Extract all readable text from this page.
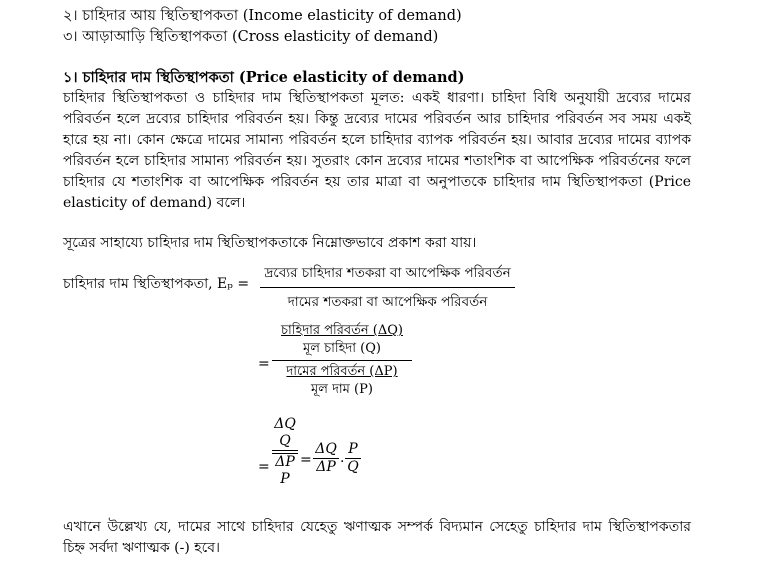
২। চাহিদার আয় স্থিতিস্থাপকতা (Income elasticity of demand)
৩। আড়াআড়ি স্থিতিস্থাপকতা (Cross elasticity of demand)
১। চাহিদার দাম স্থিতিস্থাপকতা (Price elasticity of demand)
চাহিদার স্থিতিস্থাপকতা ও চাহিদার দাম স্থিতিস্থাপকতা মূলত: একই ধারণা। চাহিদা বিধি অনুযায়ী দ্রব্যের দামের পরিবর্তন হলে দ্রব্যের চাহিদার পরিবর্তন হয়। কিন্তু দ্রব্যের দামের পরিবর্তন আর চাহিদার পরিবর্তন সব সময় একই হারে হয় না। কোন ক্ষেত্রে দামের সামান্য পরিবর্তন হলে চাহিদার ব্যাপক পরিবর্তন হয়। আবার দ্রব্যের দামের ব্যাপক পরিবর্তন হলে চাহিদার সামান্য পরিবর্তন হয়। সুতরাং কোন দ্রব্যের দামের শতাংশিক বা আপেক্ষিক পরিবর্তনের ফলে চাহিদার যে শতাংশিক বা আপেক্ষিক পরিবর্তন হয় তার মাত্রা বা অনুপাতকে চাহিদার দাম স্থিতিস্থাপকতা (Price elasticity of demand) বলে।
সূত্রের সাহায্যে চাহিদার দাম স্থিতিস্থাপকতাকে নিম্নোক্তভাবে প্রকাশ করা যায়।
চাহিদার দাম স্থিতিস্থাপকতা, Eₚ =
দ্রব্যের চাহিদার শতকরা বা আপেক্ষিক পরিবর্তন
দামের শতকরা বা আপেক্ষিক পরিবর্তন
=
চাহিদার পরিবর্তন (ΔQ)
মূল চাহিদা (Q)
দামের পরিবর্তন (ΔP)
মূল দাম (P)
=
ΔQ
Q
ΔP
P
= $\frac{\Delta Q}{\Delta P}$ . $\frac{P}{Q}$
এখানে উল্লেখ্য যে, দামের সাথে চাহিদার যেহেতু ঋণাত্মক সম্পর্ক বিদ্যমান সেহেতু চাহিদার দাম স্থিতিস্থাপকতার চিহ্ন সর্বদা ঋণাত্মক (-) হবে।
